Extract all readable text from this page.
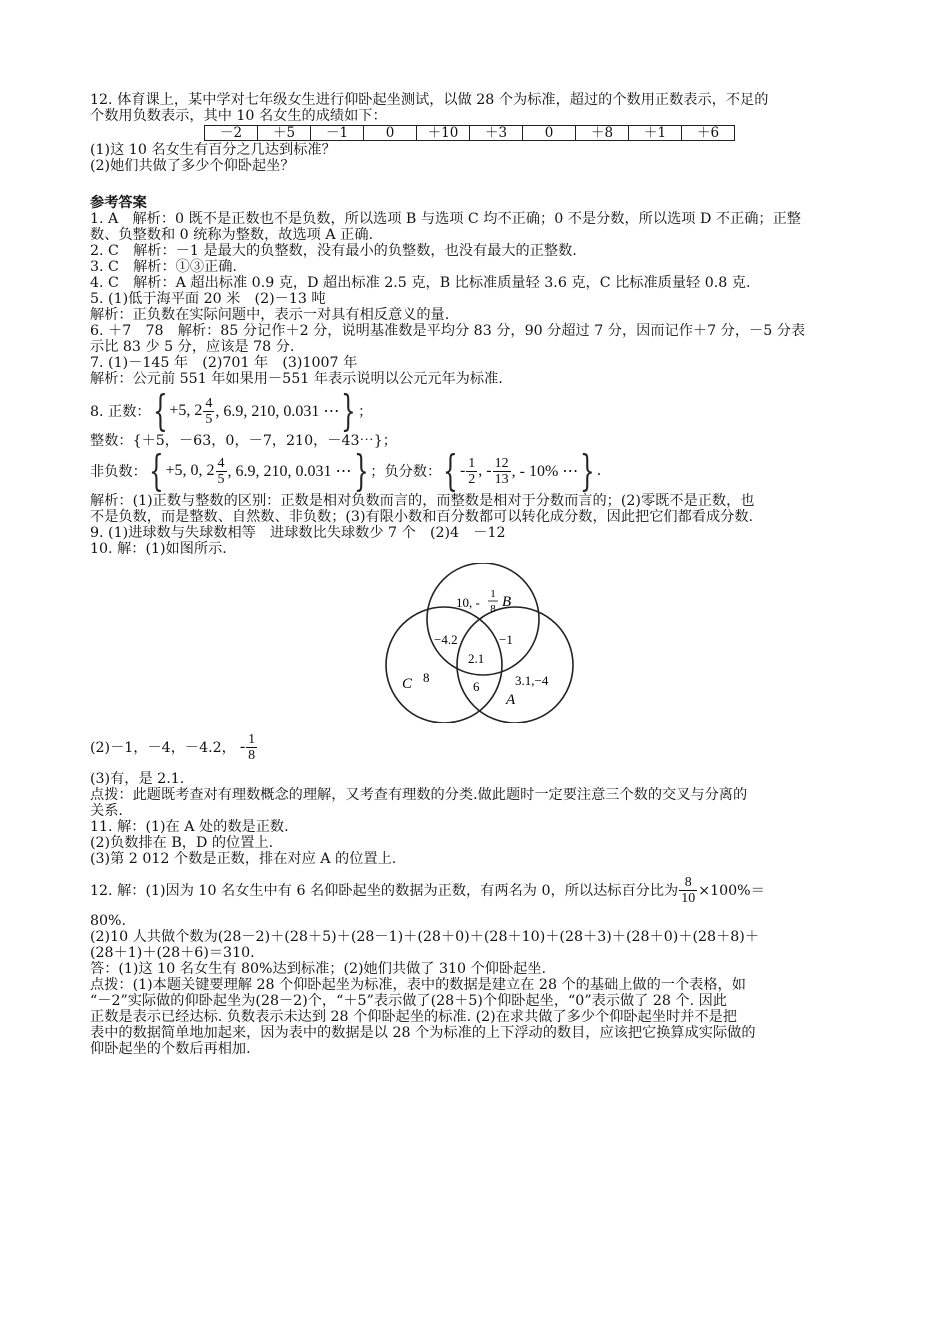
12. 体育课上，某中学对七年级女生进行仰卧起坐测试，以做 28 个为标准，超过的个数用正数表示，不足的
个数用负数表示，其中 10 名女生的成绩如下：
－2	＋5	－1	0	＋10	＋3	0	＋8	＋1	＋6
(1)这 10 名女生有百分之几达到标准？
(2)她们共做了多少个仰卧起坐？
参考答案
1. A　解析：0 既不是正数也不是负数，所以选项 B 与选项 C 均不正确；0 不是分数，所以选项 D 不正确；正整
数、负整数和 0 统称为整数，故选项 A 正确.
2. C　解析：－1 是最大的负整数，没有最小的负整数，也没有最大的正整数.
3. C　解析：①③正确.
4. C　解析：A 超出标准 0.9 克，D 超出标准 2.5 克，B 比标准质量轻 3.6 克，C 比标准质量轻 0.8 克.
5. (1)低于海平面 20 米　(2)－13 吨
解析：正负数在实际问题中，表示一对具有相反意义的量.
6. ＋7　78　解析：85 分记作＋2 分，说明基准数是平均分 83 分，90 分超过 7 分，因而记作＋7 分，－5 分表
示比 83 少 5 分，应该是 78 分.
7. (1)－145 年　(2)701 年　(3)1007 年
解析：公元前 551 年如果用－551 年表示说明以公元元年为标准.
8. 正数： { +5, $2 \frac{4}{5}$ , 6.9, 210, 0.031 ⋯ } ；
整数：{＋5，－63，0，－7，210，－43⋯}；
非负数： { +5, 0, $2 \frac{4}{5}$ , 6.9, 210, 0.031 ⋯ } ；负分数： { - $\frac{1}{2}$ , - $\frac{12}{13}$ , - 10% ⋯ } .
解析：(1)正数与整数的区别：正数是相对负数而言的，而整数是相对于分数而言的；(2)零既不是正数，也
不是负数，而是整数、自然数、非负数；(3)有限小数和百分数都可以转化成分数，因此把它们都看成分数.
9. (1)进球数与失球数相等　进球数比失球数少 7 个　(2)4　－12
10. 解：(1)如图所示.
10, -
1
8 B
−4.2	−1
2.1
C 8
6	3.1,−4
A
(2)－1，－4，－4.2， - $\frac{1}{8}$
(3)有，是 2.1.
点拨：此题既考查对有理数概念的理解，又考查有理数的分类.做此题时一定要注意三个数的交叉与分离的
关系.
11. 解：(1)在 A 处的数是正数.
(2)负数排在 B，D 的位置上.
(3)第 2 012 个数是正数，排在对应 A 的位置上.
12. 解：(1)因为 10 名女生中有 6 名仰卧起坐的数据为正数，有两名为 0，所以达标百分比为 $\frac{8}{10} \times 100\%=$
80%.
(2)10 人共做个数为(28－2)＋(28＋5)＋(28－1)＋(28＋0)＋(28＋10)＋(28＋3)＋(28＋0)＋(28＋8)＋
(28＋1)＋(28＋6)＝310.
答：(1)这 10 名女生有 80%达到标准；(2)她们共做了 310 个仰卧起坐.
点拨：(1)本题关键要理解 28 个仰卧起坐为标准，表中的数据是建立在 28 个的基础上做的一个表格，如
“－2”实际做的仰卧起坐为(28－2)个，“＋5”表示做了(28＋5)个仰卧起坐，“0”表示做了 28 个. 因此
正数是表示已经达标. 负数表示未达到 28 个仰卧起坐的标准. (2)在求共做了多少个仰卧起坐时并不是把
表中的数据简单地加起来，因为表中的数据是以 28 个为标准的上下浮动的数目，应该把它换算成实际做的
仰卧起坐的个数后再相加.
